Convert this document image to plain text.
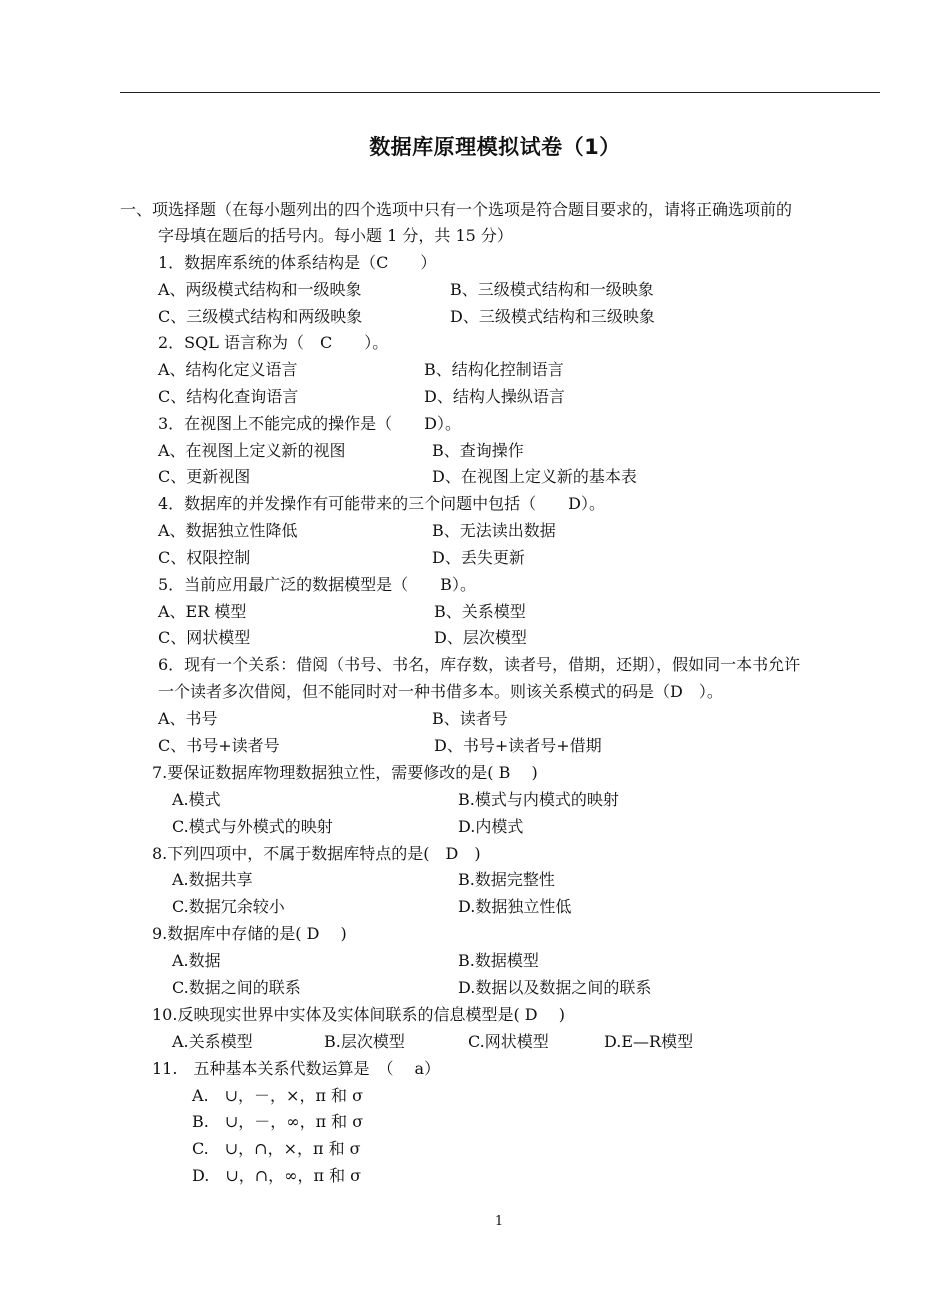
数据库原理模拟试卷（1）
一、项选择题（在每小题列出的四个选项中只有一个选项是符合题目要求的，请将正确选项前的
字母填在题后的括号内。每小题 1 分，共 15 分）
1．数据库系统的体系结构是（C　　）
A、两级模式结构和一级映象	B、三级模式结构和一级映象
C、三级模式结构和两级映象	D、三级模式结构和三级映象
2．SQL 语言称为（　C　　）。
A、结构化定义语言	B、结构化控制语言
C、结构化查询语言	D、结构人操纵语言
3．在视图上不能完成的操作是（　　D）。
A、在视图上定义新的视图	B、查询操作
C、更新视图	D、在视图上定义新的基本表
4．数据库的并发操作有可能带来的三个问题中包括（　　D）。
A、数据独立性降低	B、无法读出数据
C、权限控制	D、丢失更新
5．当前应用最广泛的数据模型是（　　B）。
A、ER 模型	B、关系模型
C、网状模型	D、层次模型
6．现有一个关系：借阅（书号、书名，库存数，读者号，借期，还期），假如同一本书允许
一个读者多次借阅，但不能同时对一种书借多本。则该关系模式的码是（D　）。
A、书号	B、读者号
C、书号+读者号	D、书号+读者号+借期
7.要保证数据库物理数据独立性，需要修改的是( B　 )
A.模式	B.模式与内模式的映射
C.模式与外模式的映射	D.内模式
8.下列四项中，不属于数据库特点的是(　D　)
A.数据共享	B.数据完整性
C.数据冗余较小	D.数据独立性低
9.数据库中存储的是( D　 )
A.数据	B.数据模型
C.数据之间的联系	D.数据以及数据之间的联系
10.反映现实世界中实体及实体间联系的信息模型是( D　 )
A.关系模型	B.层次模型	C.网状模型	D.E—R模型
11.　五种基本关系代数运算是　（　 a）
A.　∪，－，×，π 和 σ
B.　∪，－，∞，π 和 σ
C.　∪，∩，×，π 和 σ
D.　∪，∩，∞，π 和 σ
1
